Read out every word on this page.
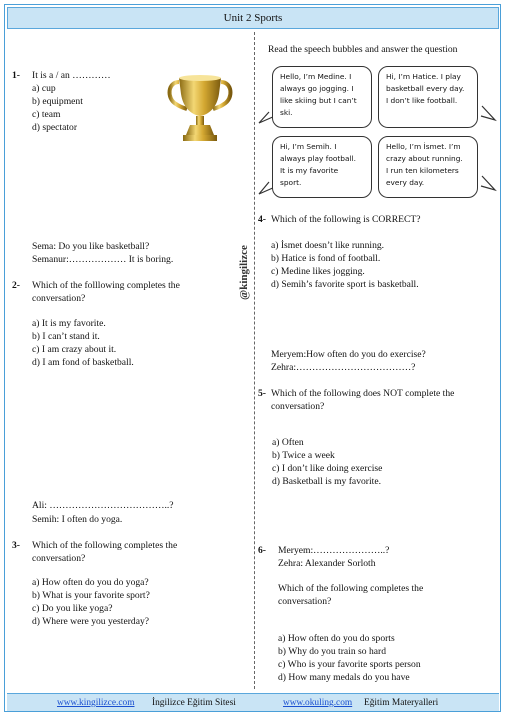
Unit 2 Sports
@kingilizce
1- It is a / an …………
a) cup
b) equipment
c) team
d) spectator
Sema: Do you like basketball?
Semanur:……………… It is boring.
2- Which of the folllowing completes the
conversation?
a) It is my favorite.
b) I can’t stand it.
c) I am crazy about it.
d) I am fond of basketball.
Ali: ………………………………..?
Semih: I often do yoga.
3- Which of the following completes the
conversation?
a) How often do you do yoga?
b) What is your favorite sport?
c) Do you like yoga?
d) Where were you yesterday?
Read the speech bubbles and answer the question
Hello, I’m Medine. I
always go jogging. I
like skiing but I can’t
ski.
Hi, I’m Hatice. I play
basketball every day.
I don’t like football.
Hi, I’m Semih. I
always play football.
It is my favorite
sport.
Hello, I’m İsmet. I’m
crazy about running.
I run ten kilometers
every day.
4- Which of the following is CORRECT?
a) İsmet doesn’t like running.
b) Hatice is fond of football.
c) Medine likes jogging.
d) Semih’s favorite sport is basketball.
Meryem:How often do you do exercise?
Zehra:………………………………?
5- Which of the following does NOT complete the
conversation?
a) Often
b) Twice a week
c) I don’t like doing exercise
d) Basketball is my favorite.
6- Meryem:…………………..?
Zehra: Alexander Sorloth
Which of the following completes the
conversation?
a) How often do you do sports
b) Why do you train so hard
c) Who is your favorite sports person
d) How many medals do you have
www.kingilizce.com İngilizce Eğitim Sitesi	www.okuling.com Eğitim Materyalleri
